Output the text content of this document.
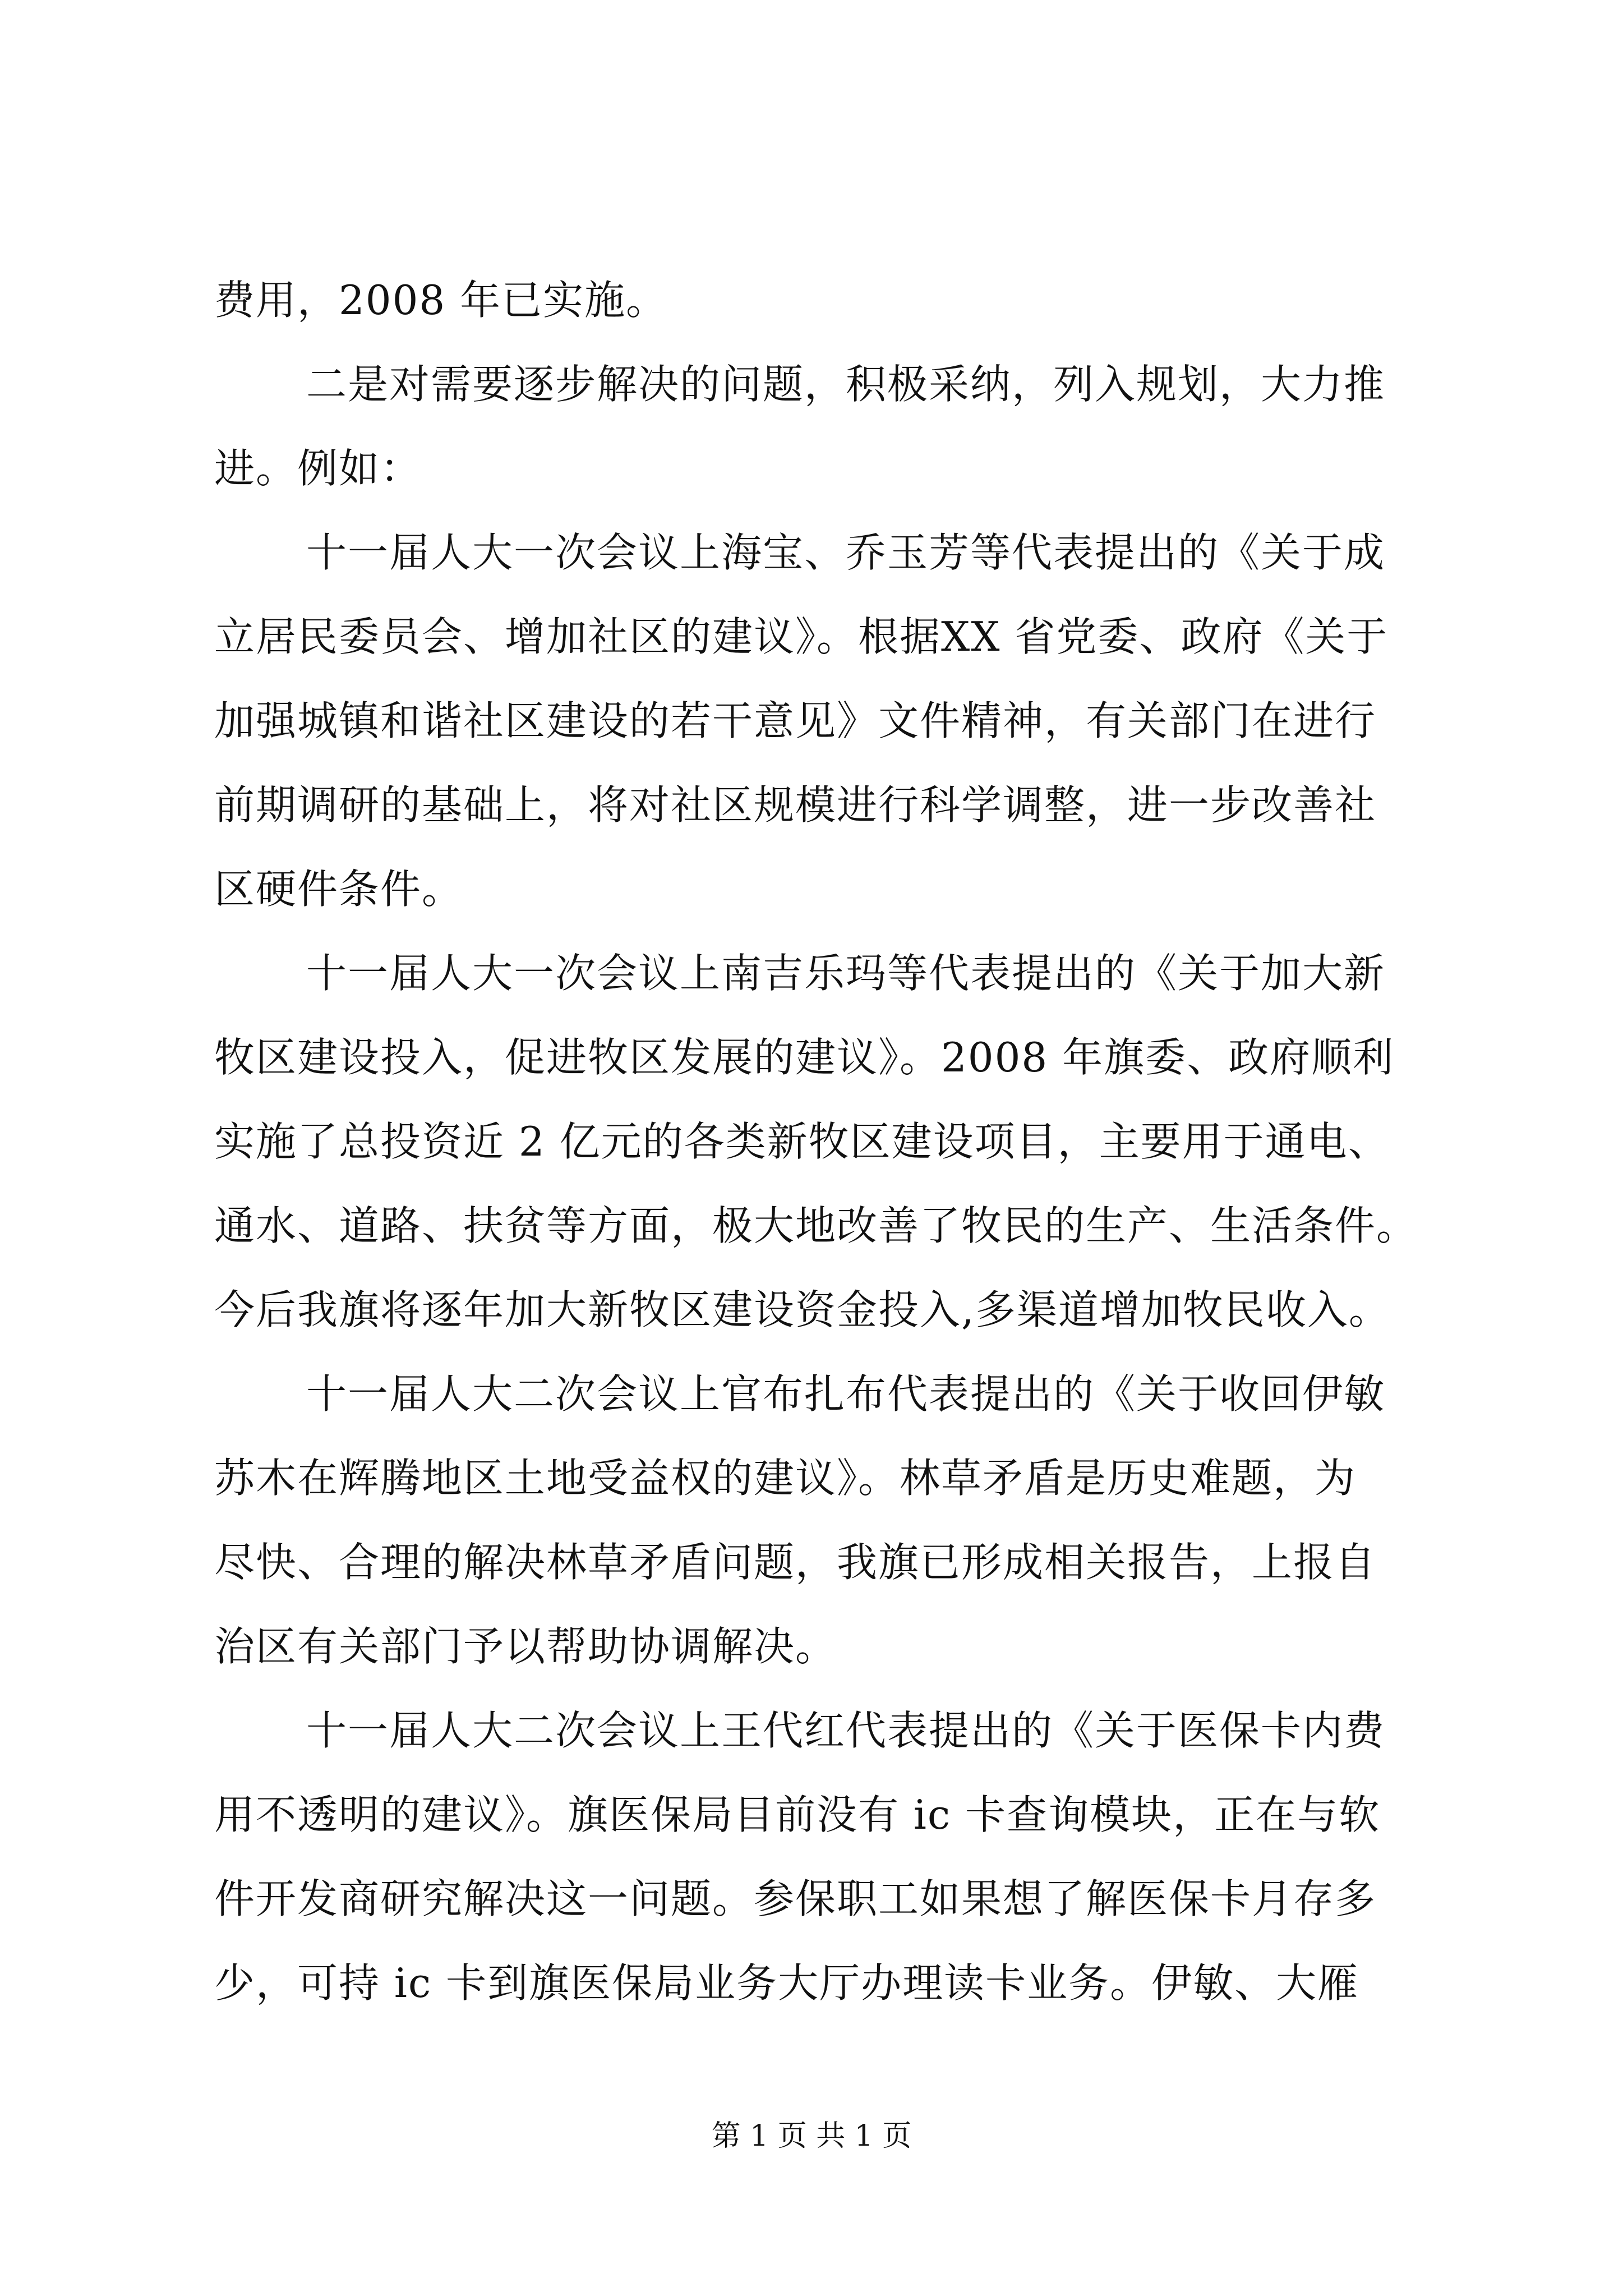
费用，2008 年已实施。
二是对需要逐步解决的问题，积极采纳，列入规划，大力推
进。例如：
十一届人大一次会议上海宝、乔玉芳等代表提出的《关于成
立居民委员会、增加社区的建议》。根据XX 省党委、政府《关于
加强城镇和谐社区建设的若干意见》文件精神，有关部门在进行
前期调研的基础上，将对社区规模进行科学调整，进一步改善社
区硬件条件。
十一届人大一次会议上南吉乐玛等代表提出的《关于加大新
牧区建设投入，促进牧区发展的建议》。2008 年旗委、政府顺利
实施了总投资近 2 亿元的各类新牧区建设项目，主要用于通电、
通水、道路、扶贫等方面，极大地改善了牧民的生产、生活条件。
今后我旗将逐年加大新牧区建设资金投入,多渠道增加牧民收入。
十一届人大二次会议上官布扎布代表提出的《关于收回伊敏
苏木在辉腾地区土地受益权的建议》。林草矛盾是历史难题，为
尽快、合理的解决林草矛盾问题，我旗已形成相关报告，上报自
治区有关部门予以帮助协调解决。
十一届人大二次会议上王代红代表提出的《关于医保卡内费
用不透明的建议》。旗医保局目前没有 ic 卡查询模块，正在与软
件开发商研究解决这一问题。参保职工如果想了解医保卡月存多
少，可持 ic 卡到旗医保局业务大厅办理读卡业务。伊敏、大雁
第 1 页 共 1 页
